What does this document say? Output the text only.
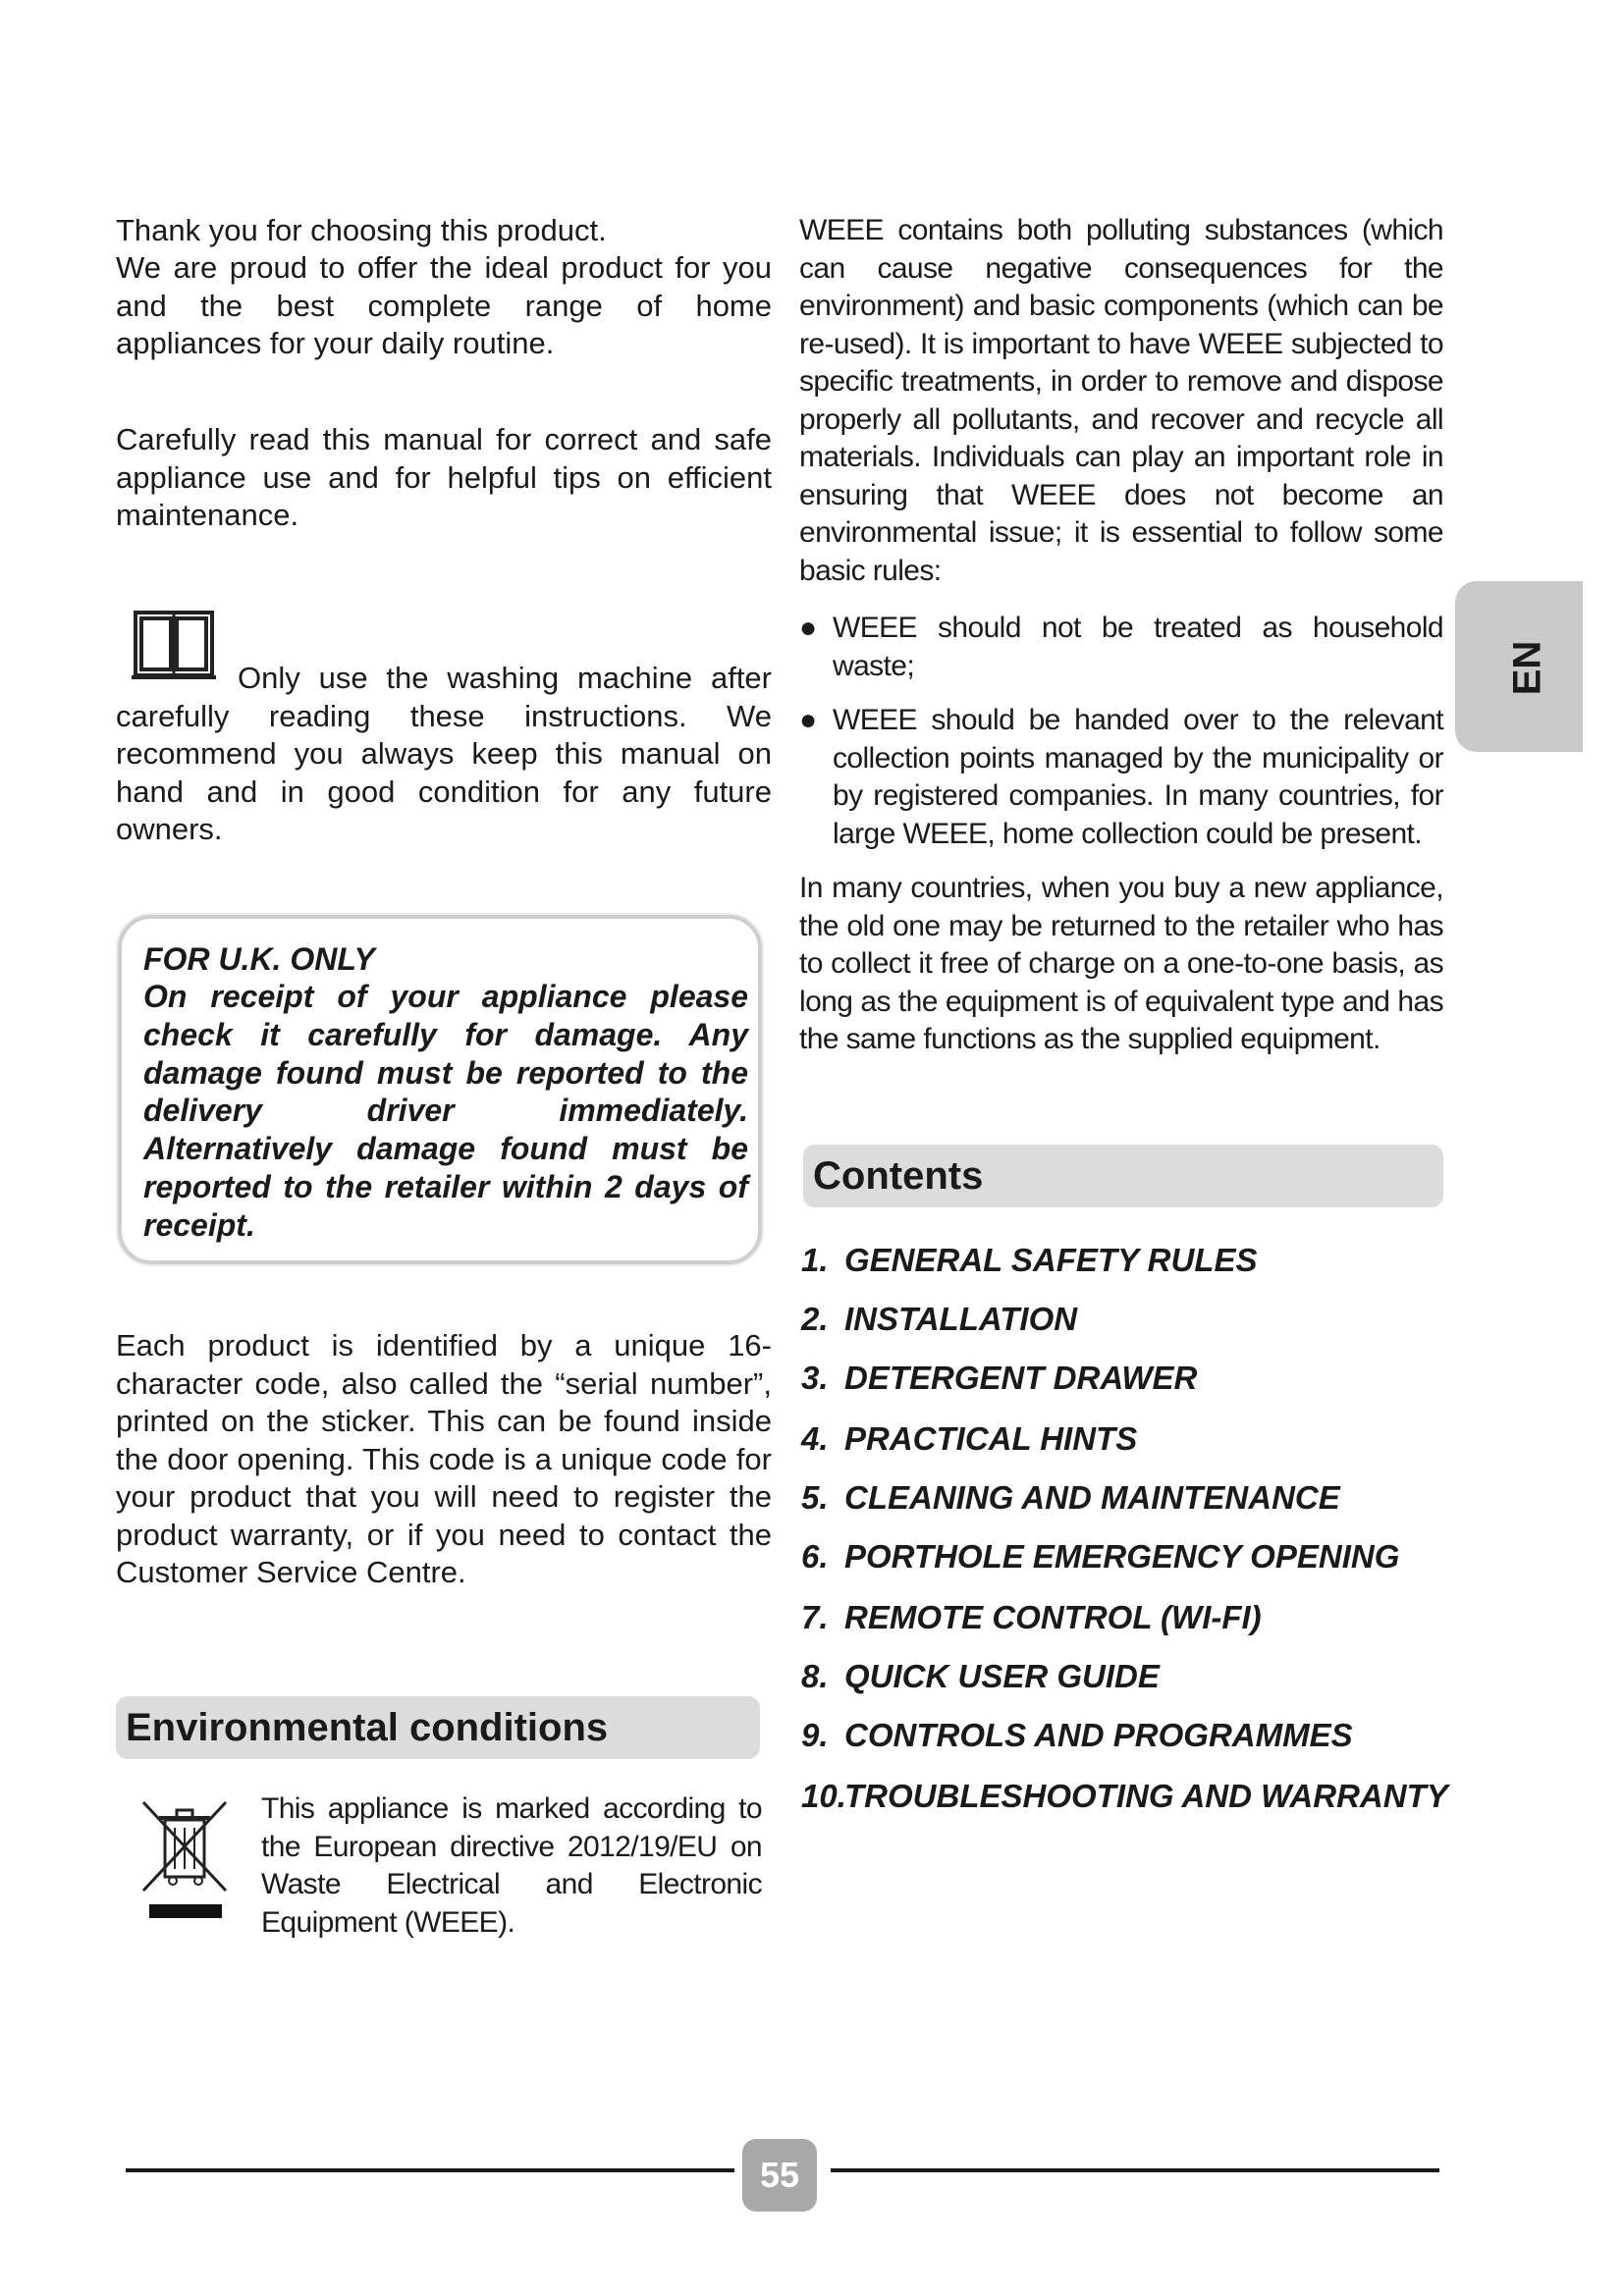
Thank you for choosing this product.

We are proud to offer the ideal product for you and the best complete range of home appliances for your daily routine.

Carefully read this manual for correct and safe appliance use and for helpful tips on efficient maintenance.

Only use the washing machine after carefully reading these instructions. We recommend you always keep this manual on hand and in good condition for any future owners.

FOR U.K. ONLY

On receipt of your appliance please check it carefully for damage. Any damage found must be reported to the delivery driver immediately. Alternatively damage found must be reported to the retailer within 2 days of receipt.

Each product is identified by a unique 16-character code, also called the “serial number”, printed on the sticker. This can be found inside the door opening. This code is a unique code for your product that you will need to register the product warranty, or if you need to contact the Customer Service Centre.

Environmental conditions

This appliance is marked according to the European directive 2012/19/EU on Waste Electrical and Electronic Equipment (WEEE).

WEEE contains both polluting substances (which can cause negative consequences for the environment) and basic components (which can be re-used). It is important to have WEEE subjected to specific treatments, in order to remove and dispose properly all pollutants, and recover and recycle all materials. Individuals can play an important role in ensuring that WEEE does not become an environmental issue; it is essential to follow some basic rules:

● WEEE should not be treated as household waste;
● WEEE should be handed over to the relevant collection points managed by the municipality or by registered companies. In many countries, for large WEEE, home collection could be present.

In many countries, when you buy a new appliance, the old one may be returned to the retailer who has to collect it free of charge on a one-to-one basis, as long as the equipment is of equivalent type and has the same functions as the supplied equipment.

Contents
1. GENERAL SAFETY RULES
2. INSTALLATION
3. DETERGENT DRAWER
4. PRACTICAL HINTS
5. CLEANING AND MAINTENANCE
6. PORTHOLE EMERGENCY OPENING
7. REMOTE CONTROL (WI-FI)
8. QUICK USER GUIDE
9. CONTROLS AND PROGRAMMES
10.TROUBLESHOOTING AND WARRANTY
EN
55
